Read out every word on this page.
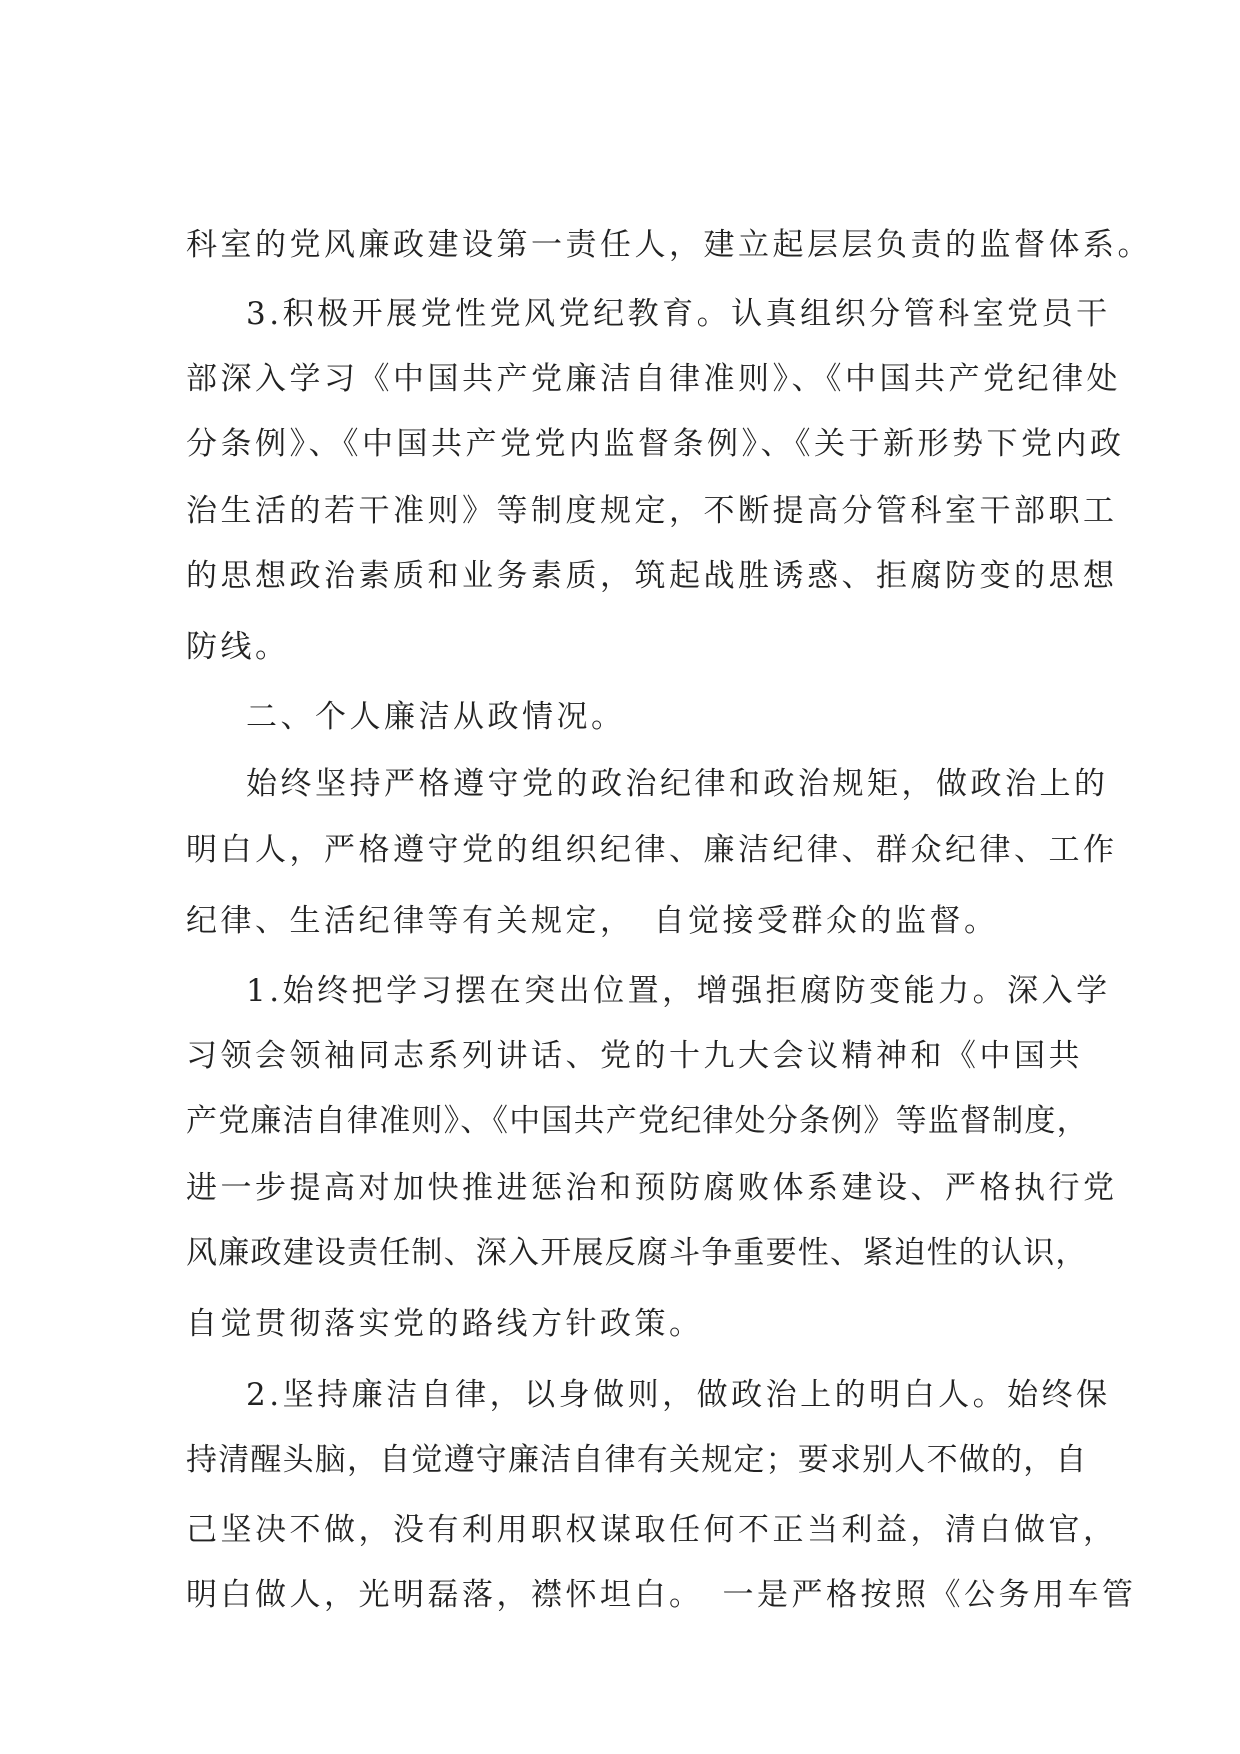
科室的党风廉政建设第一责任人，建立起层层负责的监督体系。
3.积极开展党性党风党纪教育。认真组织分管科室党员干
部深入学习《中国共产党廉洁自律准则》、《中国共产党纪律处
分条例》、《中国共产党党内监督条例》、《关于新形势下党内政
治生活的若干准则》等制度规定，不断提高分管科室干部职工
的思想政治素质和业务素质，筑起战胜诱惑、拒腐防变的思想
防线。
二、个人廉洁从政情况。
始终坚持严格遵守党的政治纪律和政治规矩，做政治上的
明白人，严格遵守党的组织纪律、廉洁纪律、群众纪律、工作
纪律、生活纪律等有关规定，　自觉接受群众的监督。
1.始终把学习摆在突出位置，增强拒腐防变能力。深入学
习领会领袖同志系列讲话、党的十九大会议精神和《中国共
产党廉洁自律准则》、《中国共产党纪律处分条例》等监督制度，
进一步提高对加快推进惩治和预防腐败体系建设、严格执行党
风廉政建设责任制、深入开展反腐斗争重要性、紧迫性的认识，
自觉贯彻落实党的路线方针政策。
2.坚持廉洁自律，以身做则，做政治上的明白人。始终保
持清醒头脑，自觉遵守廉洁自律有关规定；要求别人不做的，自
己坚决不做，没有利用职权谋取任何不正当利益，清白做官，
明白做人，光明磊落，襟怀坦白。　一是严格按照《公务用车管
